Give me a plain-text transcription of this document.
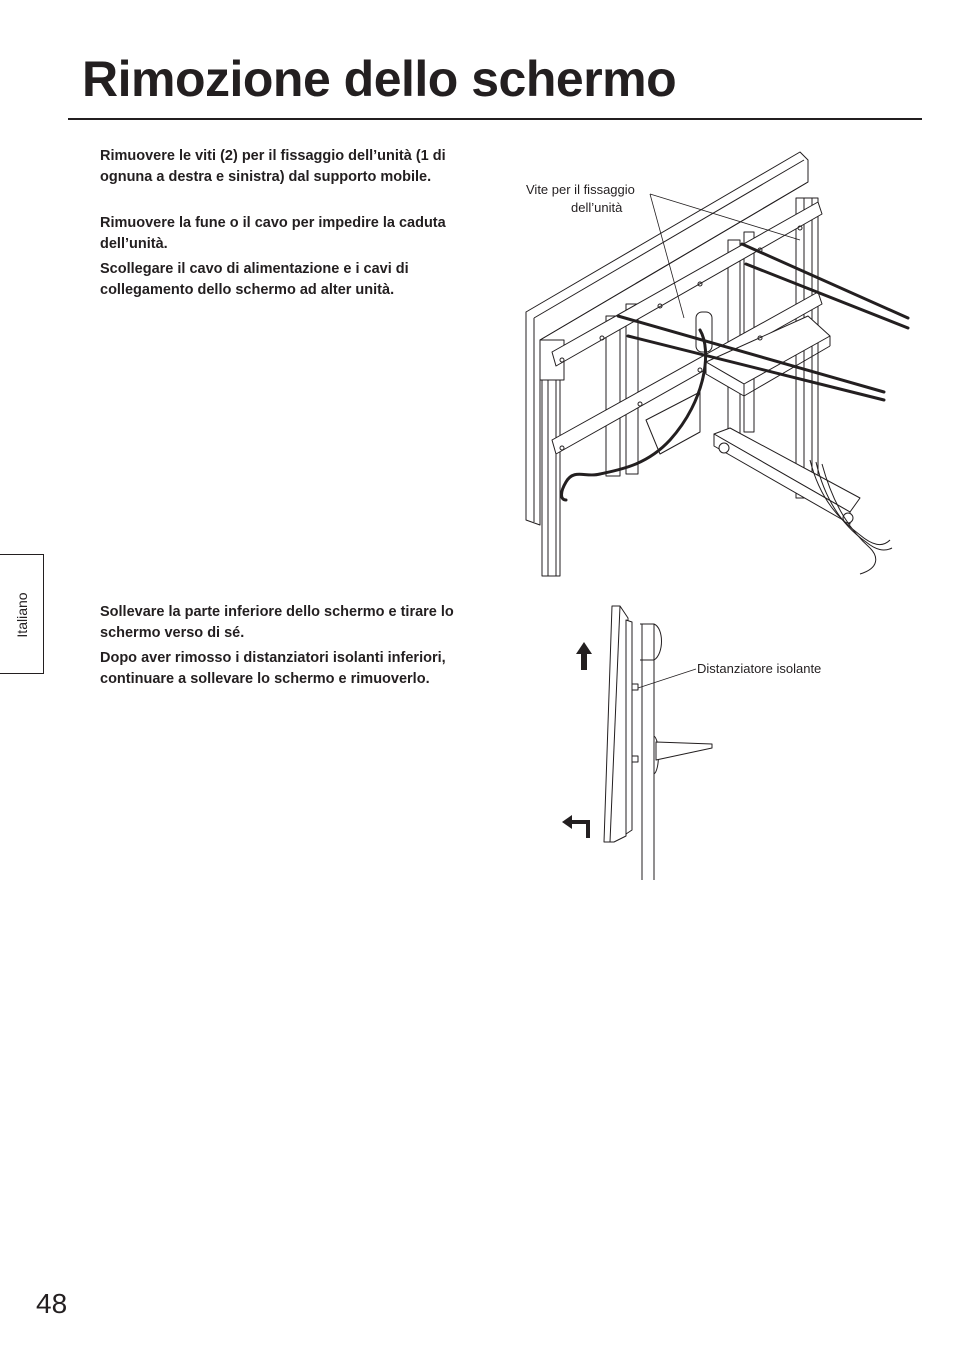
Rimozione dello schermo

Rimuovere le viti (2) per il fissaggio dell’unità (1 di ognuna a destra e sinistra) dal supporto mobile.

Rimuovere la fune o il cavo per impedire la caduta dell’unità.

Scollegare il cavo di alimentazione e i cavi di collegamento dello schermo ad alter unità.

Vite per il fissaggio
dell’unità

Sollevare la parte inferiore dello schermo e tirare lo schermo verso di sé.

Dopo aver rimosso i distanziatori isolanti inferiori, continuare a sollevare lo schermo e rimuoverlo.

Distanziatore isolante
Italiano
48
